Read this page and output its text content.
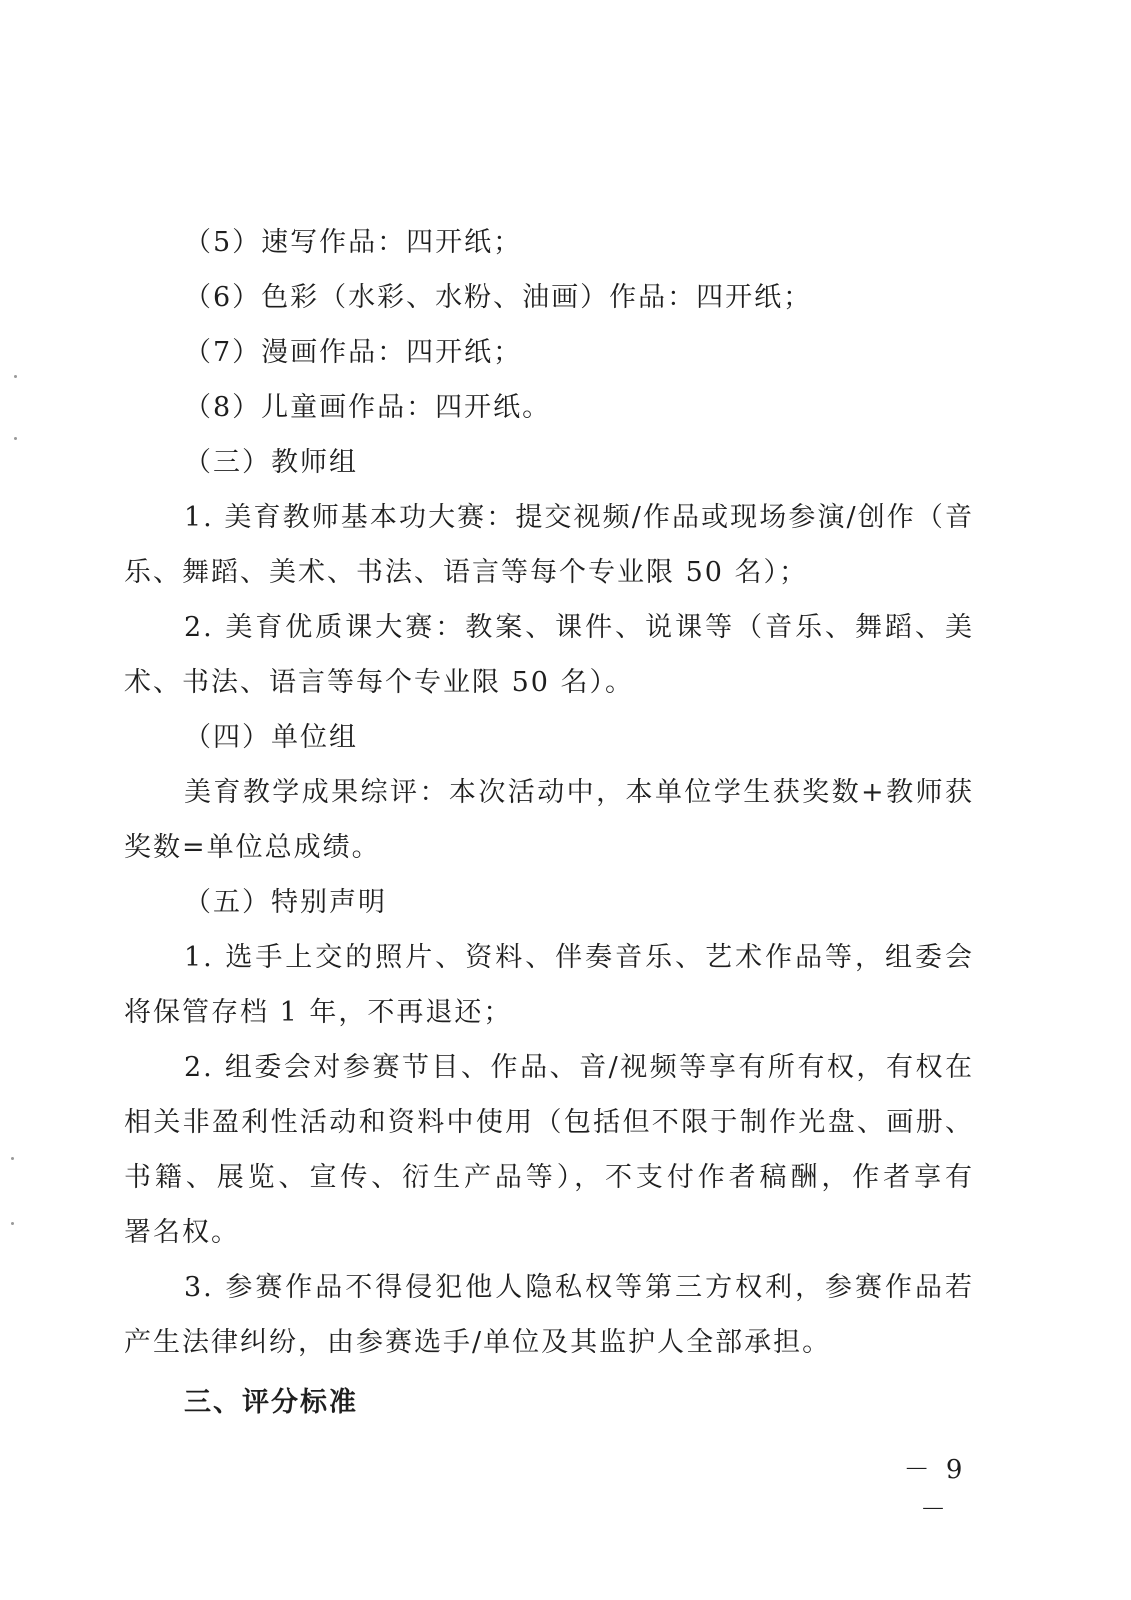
（5）速写作品：四开纸；
（6）色彩（水彩、水粉、油画）作品：四开纸；
（7）漫画作品：四开纸；
（8）儿童画作品：四开纸。
（三）教师组
1. 美育教师基本功大赛：提交视频/作品或现场参演/创作（音
乐、舞蹈、美术、书法、语言等每个专业限 50 名）；
2. 美育优质课大赛：教案、课件、说课等（音乐、舞蹈、美
术、书法、语言等每个专业限 50 名）。
（四）单位组
美育教学成果综评：本次活动中，本单位学生获奖数+教师获
奖数=单位总成绩。
（五）特别声明
1. 选手上交的照片、资料、伴奏音乐、艺术作品等，组委会
将保管存档 1 年，不再退还；
2. 组委会对参赛节目、作品、音/视频等享有所有权，有权在
相关非盈利性活动和资料中使用（包括但不限于制作光盘、画册、
书籍、展览、宣传、衍生产品等），不支付作者稿酬，作者享有
署名权。
3. 参赛作品不得侵犯他人隐私权等第三方权利，参赛作品若
产生法律纠纷，由参赛选手/单位及其监护人全部承担。
三、评分标准
－ 9 －
